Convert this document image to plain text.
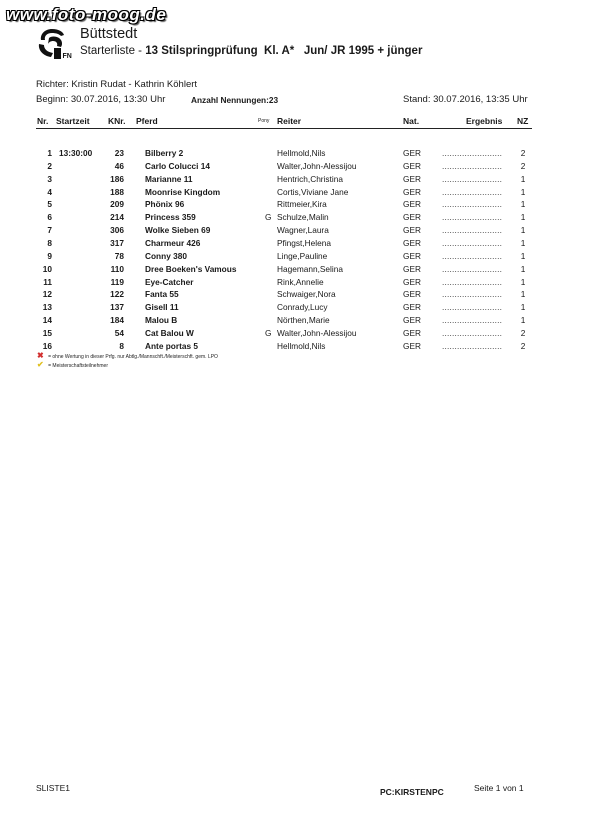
www.foto-moog.de
FN
Büttstedt
Starterliste - 13 Stilspringprüfung  Kl. A*   Jun/ JR 1995 + jünger
Richter: Kristin Rudat - Kathrin Köhlert
Beginn: 30.07.2016, 13:30 Uhr	Anzahl Nennungen:23	Stand: 30.07.2016, 13:35 Uhr
Nr. Startzeit KNr. Pferd	Pony Reiter	Nat.	Ergebnis NZ
1 13:30:00	23	Bilberry 2	Hellmold,Nils	GER	........................	2
2	46	Carlo Colucci 14	Walter,John-Alessijou	GER	........................	2
3	186	Marianne 11	Hentrich,Christina	GER	........................	1
4	188	Moonrise Kingdom	Cortis,Viviane Jane	GER	........................	1
5	209	Phönix 96	Rittmeier,Kira	GER	........................	1
6	214	Princess 359	G Schulze,Malin	GER	........................	1
7	306	Wolke Sieben 69	Wagner,Laura	GER	........................	1
8	317	Charmeur 426	Pfingst,Helena	GER	........................	1
9	78	Conny 380	Linge,Pauline	GER	........................	1
10	110	Dree Boeken's Vamous	Hagemann,Selina	GER	........................	1
11	119	Eye-Catcher	Rink,Annelie	GER	........................	1
12	122	Fanta 55	Schwaiger,Nora	GER	........................	1
13	137	Gisell 11	Conrady,Lucy	GER	........................	1
14	184	Malou B	Nörthen,Marie	GER	........................	1
15	54	Cat Balou W	G Walter,John-Alessijou	GER	........................	2
16	8	Ante portas 5	Hellmold,Nils	GER	........................	2
✖ = ohne Wertung in dieser Prfg. nur Abtlg./Mannschft./Meisterschft. gem. LPO
✔ = Meisterschaftsteilnehmer
SLISTE1	PC:KIRSTENPC	Seite 1 von 1
